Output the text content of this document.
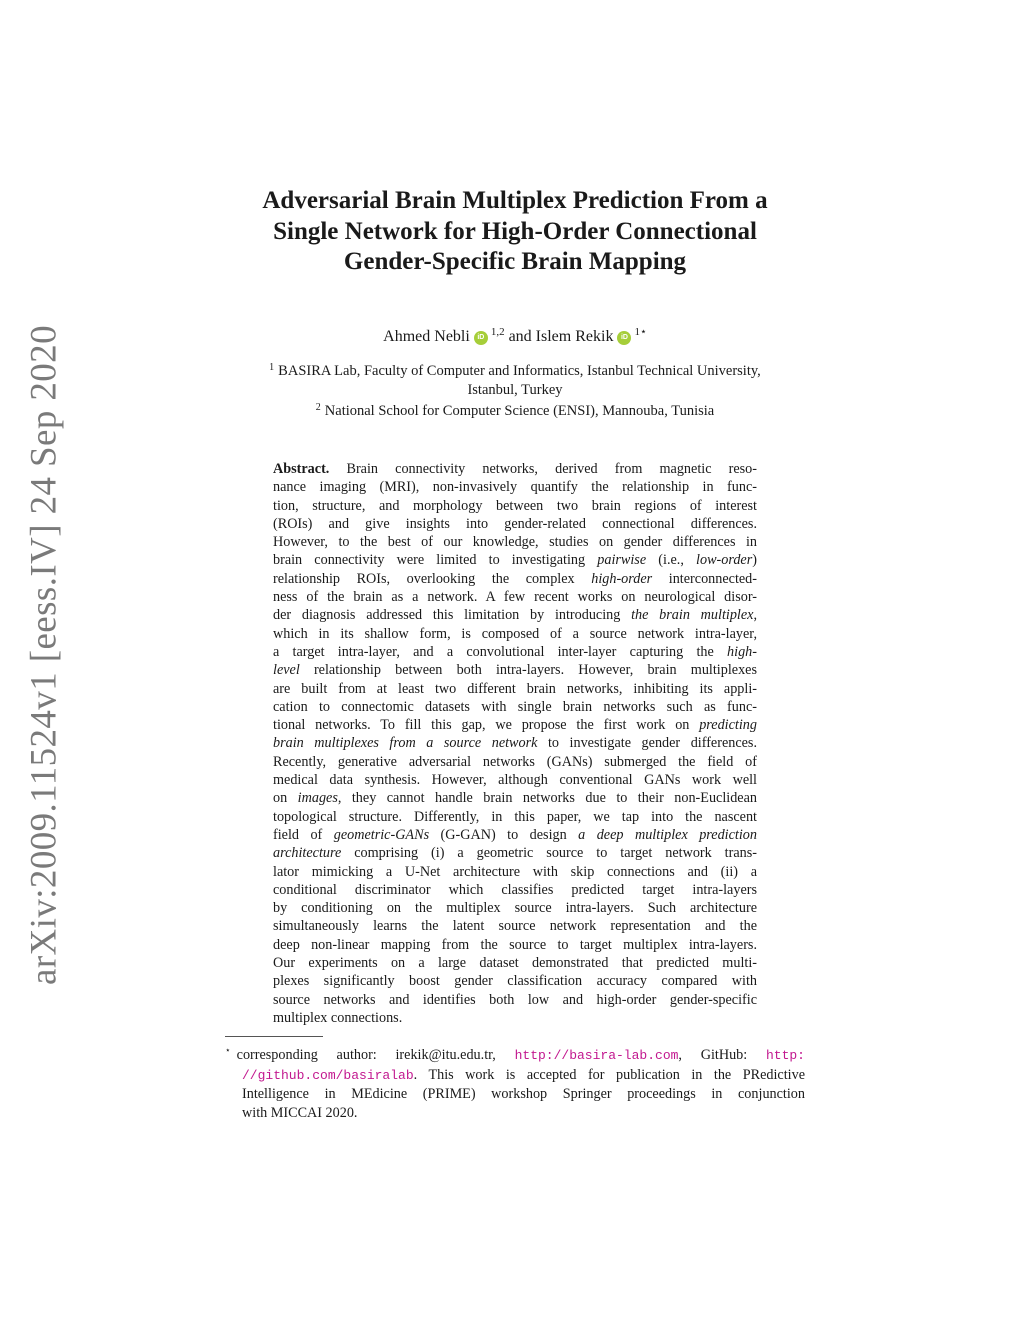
arXiv:2009.11524v1 [eess.IV] 24 Sep 2020
Adversarial Brain Multiplex Prediction From a
Single Network for High-Order Connectional
Gender-Specific Brain Mapping
Ahmed Nebli iD $^{1,2}$ and Islem Rekik iD $^{1⋆}$
$^1$ BASIRA Lab, Faculty of Computer and Informatics, Istanbul Technical University,
Istanbul, Turkey
$^2$ National School for Computer Science (ENSI), Mannouba, Tunisia
Abstract. Brain connectivity networks, derived from magnetic reso-
nance imaging (MRI), non-invasively quantify the relationship in func-
tion, structure, and morphology between two brain regions of interest
(ROIs) and give insights into gender-related connectional differences.
However, to the best of our knowledge, studies on gender differences in
brain connectivity were limited to investigating pairwise (i.e., low-order)
relationship ROIs, overlooking the complex high-order interconnected-
ness of the brain as a network. A few recent works on neurological disor-
der diagnosis addressed this limitation by introducing the brain multiplex,
which in its shallow form, is composed of a source network intra-layer,
a target intra-layer, and a convolutional inter-layer capturing the high-
level relationship between both intra-layers. However, brain multiplexes
are built from at least two different brain networks, inhibiting its appli-
cation to connectomic datasets with single brain networks such as func-
tional networks. To fill this gap, we propose the first work on predicting
brain multiplexes from a source network to investigate gender differences.
Recently, generative adversarial networks (GANs) submerged the field of
medical data synthesis. However, although conventional GANs work well
on images, they cannot handle brain networks due to their non-Euclidean
topological structure. Differently, in this paper, we tap into the nascent
field of geometric-GANs (G-GAN) to design a deep multiplex prediction
architecture comprising (i) a geometric source to target network trans-
lator mimicking a U-Net architecture with skip connections and (ii) a
conditional discriminator which classifies predicted target intra-layers
by conditioning on the multiplex source intra-layers. Such architecture
simultaneously learns the latent source network representation and the
deep non-linear mapping from the source to target multiplex intra-layers.
Our experiments on a large dataset demonstrated that predicted multi-
plexes significantly boost gender classification accuracy compared with
source networks and identifies both low and high-order gender-specific
multiplex connections.
⋆ corresponding author: irekik@itu.edu.tr, http://basira-lab.com, GitHub: http:
//github.com/basiralab. This work is accepted for publication in the PRedictive
Intelligence in MEdicine (PRIME) workshop Springer proceedings in conjunction
with MICCAI 2020.
